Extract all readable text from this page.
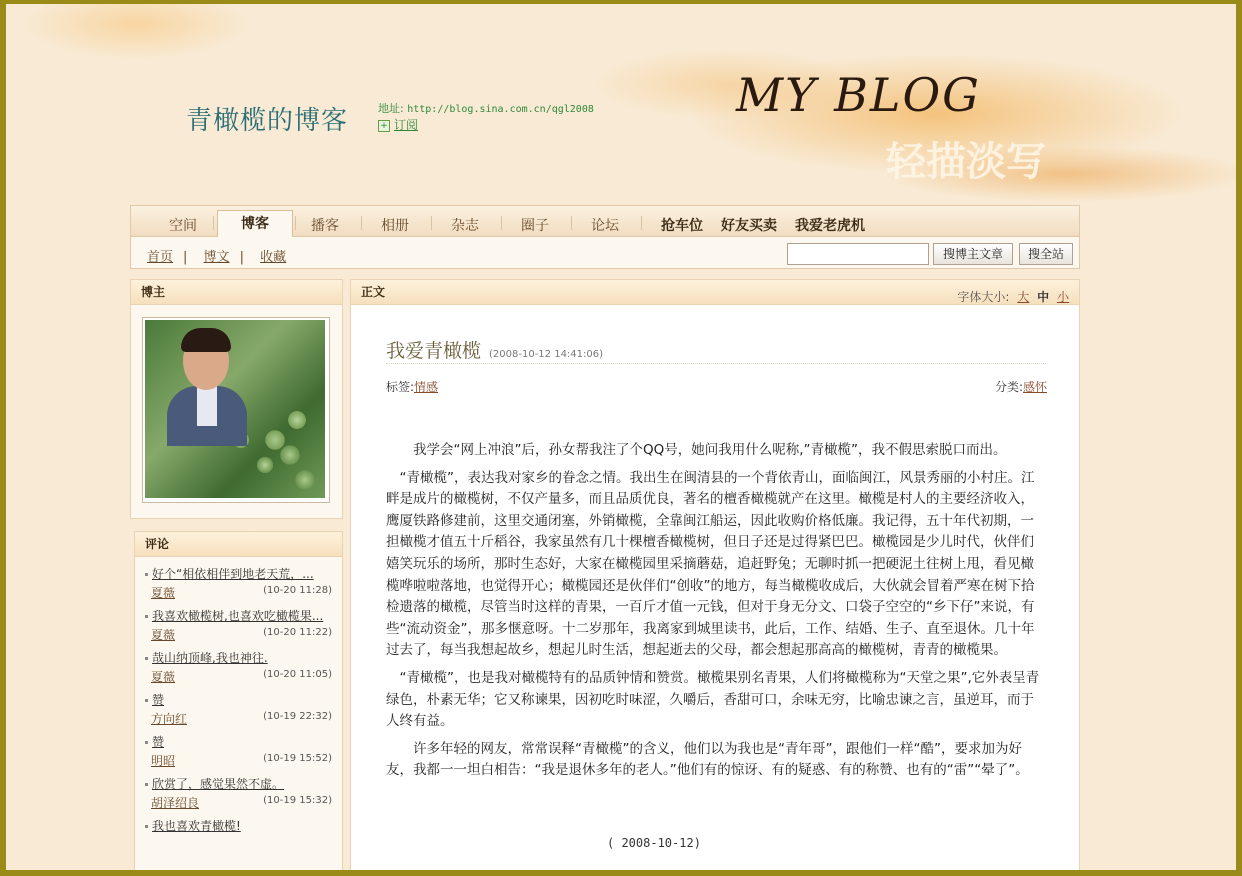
青橄榄的博客	地址: http://blog.sina.com.cn/qgl2008
+ 订阅
MY BLOG
轻描淡写
空间	博客	播客	相册	杂志	圈子	论坛	抢车位 好友买卖 我爱老虎机
首页 | 博文 | 收藏	搜博主文章	搜全站
博主
评论
好个“相依相伴到地老天荒，...
夏薇	(10-20 11:28)
我喜欢橄榄树,也喜欢吃橄榄果...
夏薇	(10-20 11:22)
哉山纳顶峰,我也神往.
夏薇	(10-20 11:05)
赞
方向红	(10-19 22:32)
赞
明昭	(10-19 15:52)
欣赏了，感觉果然不虚。
胡泽绍良	(10-19 15:32)
我也喜欢青橄榄!
正文	字体大小: 大 中 小
我爱青橄榄 (2008-10-12 14:41:06)
标签:情感	分类:感怀

　　我学会“网上冲浪”后，孙女帮我注了个QQ号，她问我用什么呢称,”青橄榄”，我不假思索脱口而出。

　“青橄榄”，表达我对家乡的眷念之情。我出生在闽清县的一个背依青山，面临闽江，风景秀丽的小村庄。江畔是成片的橄榄树，不仅产量多，而且品质优良，著名的檀香橄榄就产在这里。橄榄是村人的主要经济收入，鹰厦铁路修建前，这里交通闭塞，外销橄榄，全靠闽江船运，因此收购价格低廉。我记得，五十年代初期，一担橄榄才值五十斤稻谷，我家虽然有几十棵檀香橄榄树，但日子还是过得紧巴巴。橄榄园是少儿时代，伙伴们嬉笑玩乐的场所，那时生态好，大家在橄榄园里采摘蘑菇，追赶野兔；无聊时抓一把硬泥土往树上甩，看见橄榄哗啦啦落地，也觉得开心；橄榄园还是伙伴们“创收”的地方，每当橄榄收成后，大伙就会冒着严寒在树下拾检遗落的橄榄，尽管当时这样的青果，一百斤才值一元钱，但对于身无分文、口袋子空空的“乡下仔”来说，有些“流动资金”，那多惬意呀。十二岁那年，我离家到城里读书，此后，工作、结婚、生子、直至退休。几十年过去了，每当我想起故乡，想起儿时生活，想起逝去的父母，都会想起那高高的橄榄树，青青的橄榄果。

　“青橄榄”，也是我对橄榄特有的品质钟情和赞赏。橄榄果别名青果，人们将橄榄称为“天堂之果”,它外表呈青绿色，朴素无华；它又称谏果，因初吃时味涩，久嚼后，香甜可口，余味无穷，比喻忠谏之言，虽逆耳，而于人终有益。

　　许多年轻的网友，常常误释“青橄榄”的含义，他们以为我也是“青年哥”，跟他们一样“酷”，要求加为好友，我都一一坦白相告：“我是退休多年的老人。”他们有的惊讶、有的疑惑、有的称赞、也有的“雷”“晕了”。

( 2008-10-12)
